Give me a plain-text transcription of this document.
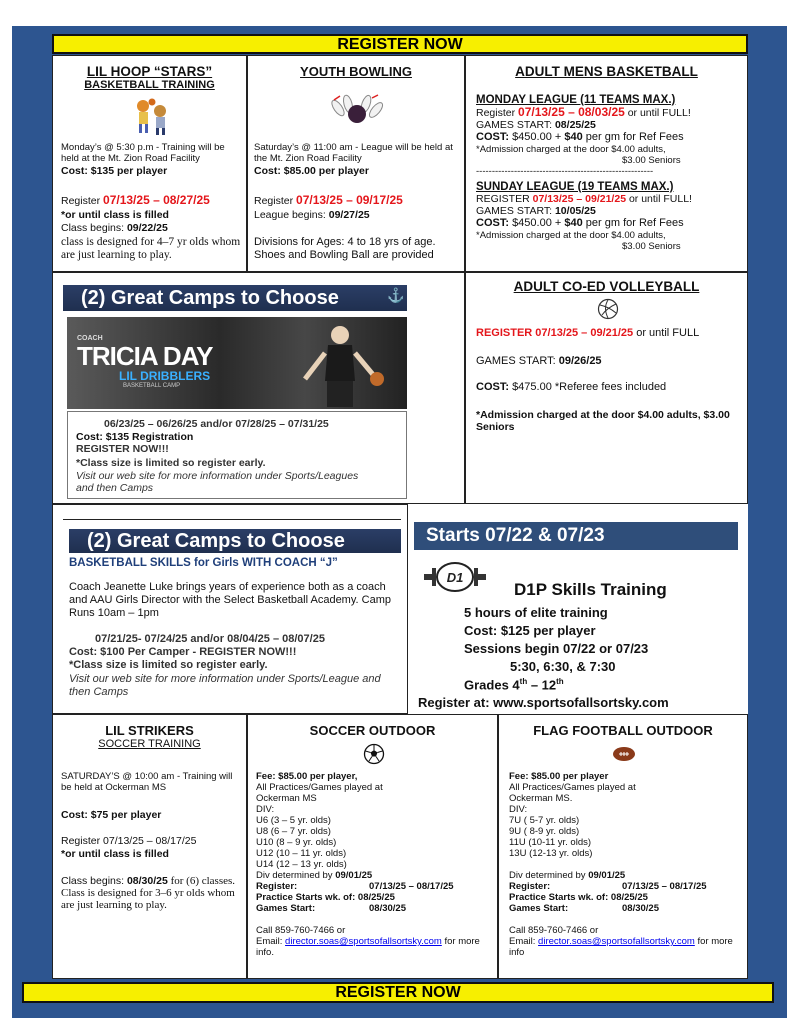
REGISTER NOW
LIL HOOP “STARS”
BASKETBALL TRAINING
Monday’s @ 5:30 p.m - Training will be held at the Mt. Zion Road Facility
Cost: $135 per player
Register 07/13/25 – 08/27/25
*or until class is filled
Class begins: 09/22/25
class is designed for 4–7 yr olds whom are just learning to play.
YOUTH BOWLING
Saturday’s @ 11:00 am - League will be held at the Mt. Zion Road Facility
Cost: $85.00 per player
Register 07/13/25 – 09/17/25
League begins: 09/27/25
Divisions for Ages: 4 to 18 yrs of age. Shoes and Bowling Ball are provided
ADULT MENS BASKETBALL
MONDAY LEAGUE (11 TEAMS MAX.)
Register 07/13/25 – 08/03/25 or until FULL!
GAMES START: 08/25/25
COST: $450.00 + $40 per gm for Ref Fees
*Admission charged at the door $4.00 adults,
$3.00 Seniors
--------------------------------------------------------
SUNDAY LEAGUE (19 TEAMS MAX.)
REGISTER 07/13/25 – 09/21/25 or until FULL!
GAMES START: 10/05/25
COST: $450.00 + $40 per gm for Ref Fees
*Admission charged at the door $4.00 adults,
$3.00 Seniors
(2) Great Camps to Choose	⚓
COACH
TRICIA DAY
LIL DRIBBLERS
BASKETBALL CAMP
06/23/25 – 06/26/25 and/or 07/28/25 – 07/31/25
Cost: $135 Registration
REGISTER NOW!!!
*Class size is limited so register early.
Visit our web site for more information under Sports/Leagues and then Camps
ADULT CO-ED VOLLEYBALL
REGISTER 07/13/25 – 09/21/25 or until FULL
GAMES START: 09/26/25
COST: $475.00 *Referee fees included
*Admission charged at the door $4.00 adults, $3.00 Seniors
(2) Great Camps to Choose
BASKETBALL SKILLS for Girls WITH COACH “J”
Coach Jeanette Luke brings years of experience both as a coach and AAU Girls Director with the Select Basketball Academy. Camp Runs 10am – 1pm
07/21/25- 07/24/25 and/or 08/04/25 – 08/07/25
Cost: $100 Per Camper - REGISTER NOW!!!
*Class size is limited so register early.
Visit our web site for more information under Sports/League and then Camps
Starts 07/22 & 07/23
D1
D1P Skills Training
5 hours of elite training
Cost: $125 per player
Sessions begin 07/22 or 07/23
5:30, 6:30, & 7:30
Grades 4th – 12th
Register at: www.sportsofallsortsky.com
LIL STRIKERS
SOCCER TRAINING
SATURDAY’S @ 10:00 am - Training will be held at Ockerman MS
Cost: $75 per player
Register 07/13/25 – 08/17/25
*or until class is filled
Class begins: 08/30/25 for (6) classes. Class is designed for 3–6 yr olds whom are just learning to play.
SOCCER OUTDOOR
Fee: $85.00 per player,
All Practices/Games played at Ockerman MS
DIV:
U6 (3 – 5 yr. olds)
U8 (6 – 7 yr. olds)
U10 (8 – 9 yr. olds)
U12 (10 – 11 yr. olds)
U14 (12 – 13 yr. olds)
Div determined by 09/01/25
Register:	07/13/25 – 08/17/25
Practice Starts wk. of: 08/25/25
Games Start:	08/30/25
Call 859-760-7466 or
Email: director.soas@sportsofallsortsky.com for more info.
FLAG FOOTBALL OUTDOOR
Fee: $85.00 per player
All Practices/Games played at Ockerman MS.
DIV:
7U ( 5-7 yr. olds)
9U ( 8-9 yr. olds)
11U (10-11 yr. olds)
13U (12-13 yr. olds)
Div determined by 09/01/25
Register:	07/13/25 – 08/17/25
Practice Starts wk. of: 08/25/25
Games Start:	08/30/25
Call 859-760-7466 or
Email: director.soas@sportsofallsortsky.com for more info
REGISTER NOW
